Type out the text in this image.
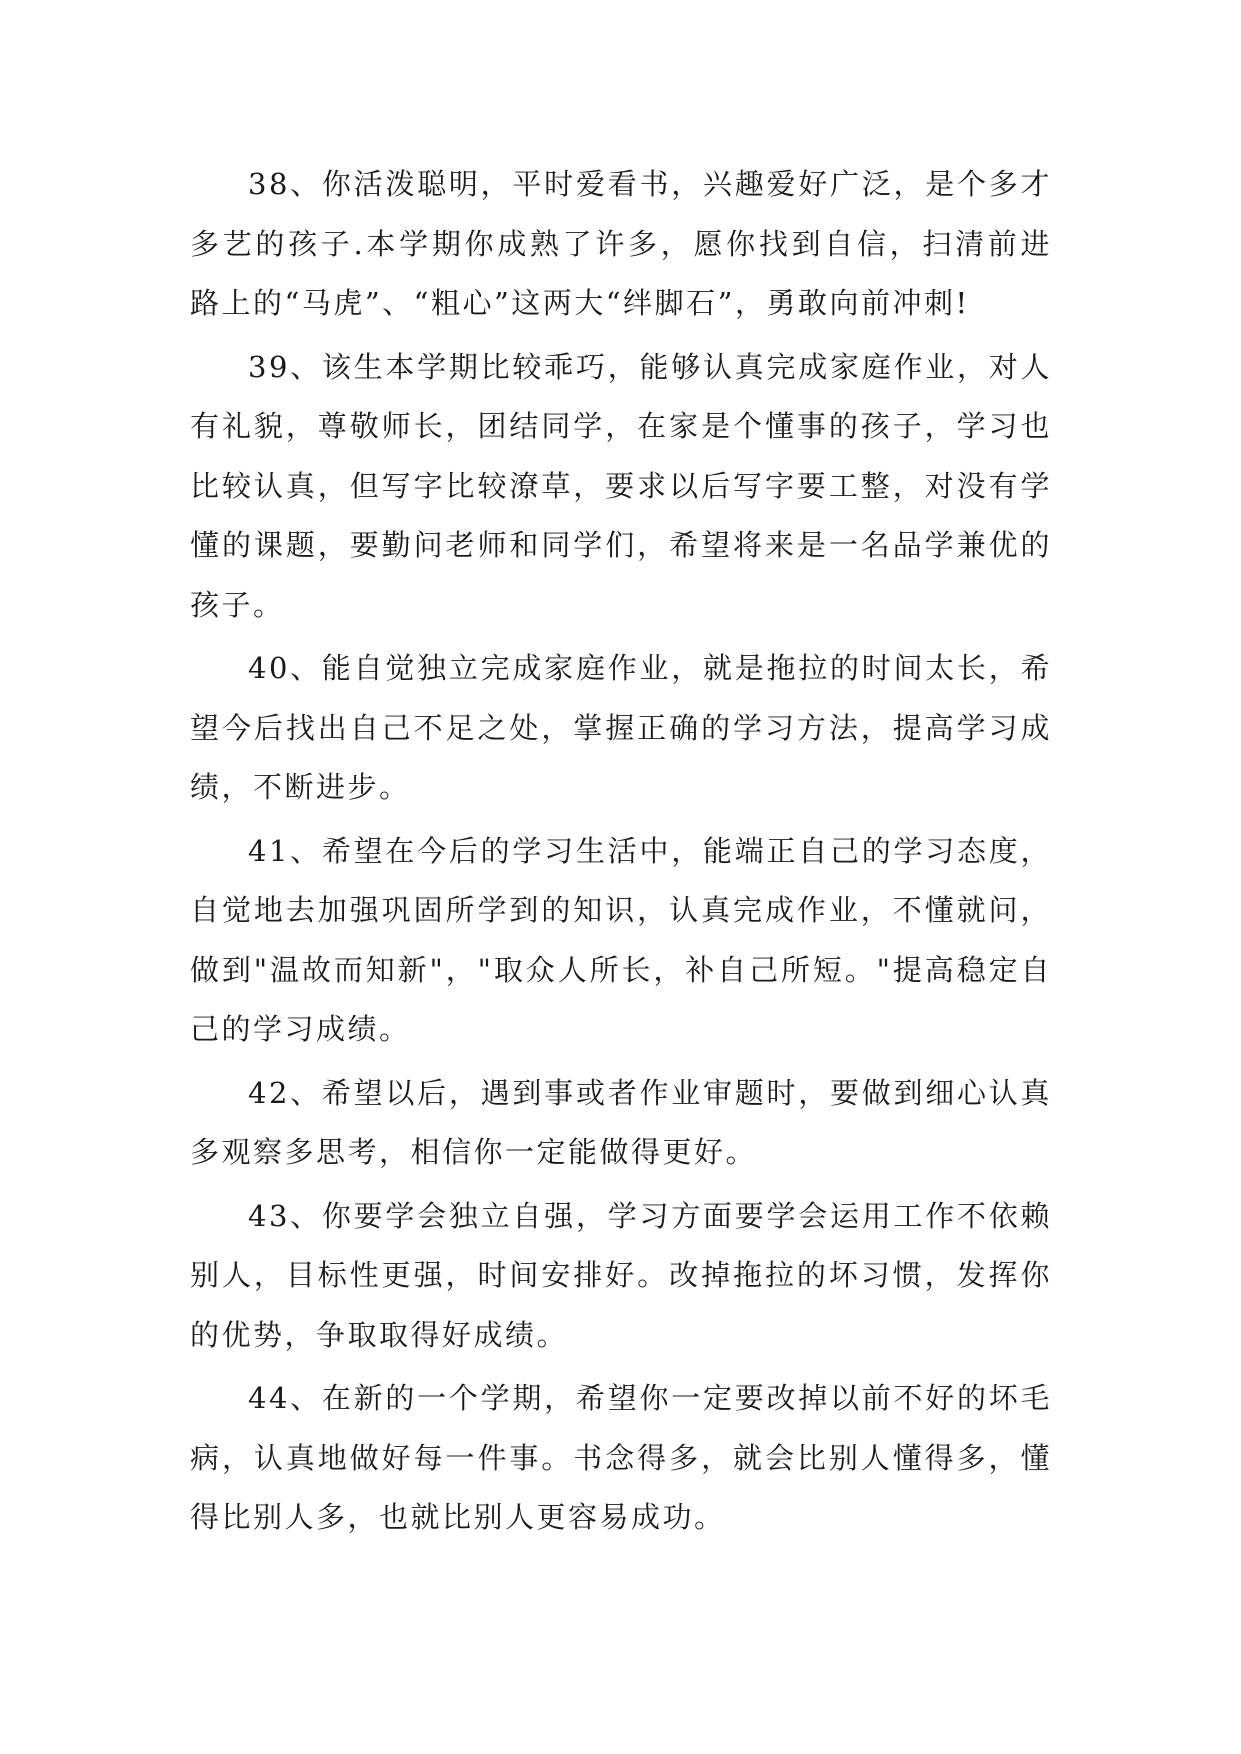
38、你活泼聪明，平时爱看书，兴趣爱好广泛，是个多才多艺的孩子.本学期你成熟了许多，愿你找到自信，扫清前进路上的“马虎”、“粗心”这两大“绊脚石”，勇敢向前冲刺!

39、该生本学期比较乖巧，能够认真完成家庭作业，对人有礼貌，尊敬师长，团结同学，在家是个懂事的孩子，学习也比较认真，但写字比较潦草，要求以后写字要工整，对没有学懂的课题，要勤问老师和同学们，希望将来是一名品学兼优的孩子。

40、能自觉独立完成家庭作业，就是拖拉的时间太长，希望今后找出自己不足之处，掌握正确的学习方法，提高学习成绩，不断进步。

41、希望在今后的学习生活中，能端正自己的学习态度，自觉地去加强巩固所学到的知识，认真完成作业，不懂就问，做到"温故而知新"，"取众人所长，补自己所短。"提高稳定自己的学习成绩。

42、希望以后，遇到事或者作业审题时，要做到细心认真多观察多思考，相信你一定能做得更好。

43、你要学会独立自强，学习方面要学会运用工作不依赖别人，目标性更强，时间安排好。改掉拖拉的坏习惯，发挥你的优势，争取取得好成绩。

44、在新的一个学期，希望你一定要改掉以前不好的坏毛病，认真地做好每一件事。书念得多，就会比别人懂得多，懂得比别人多，也就比别人更容易成功。
